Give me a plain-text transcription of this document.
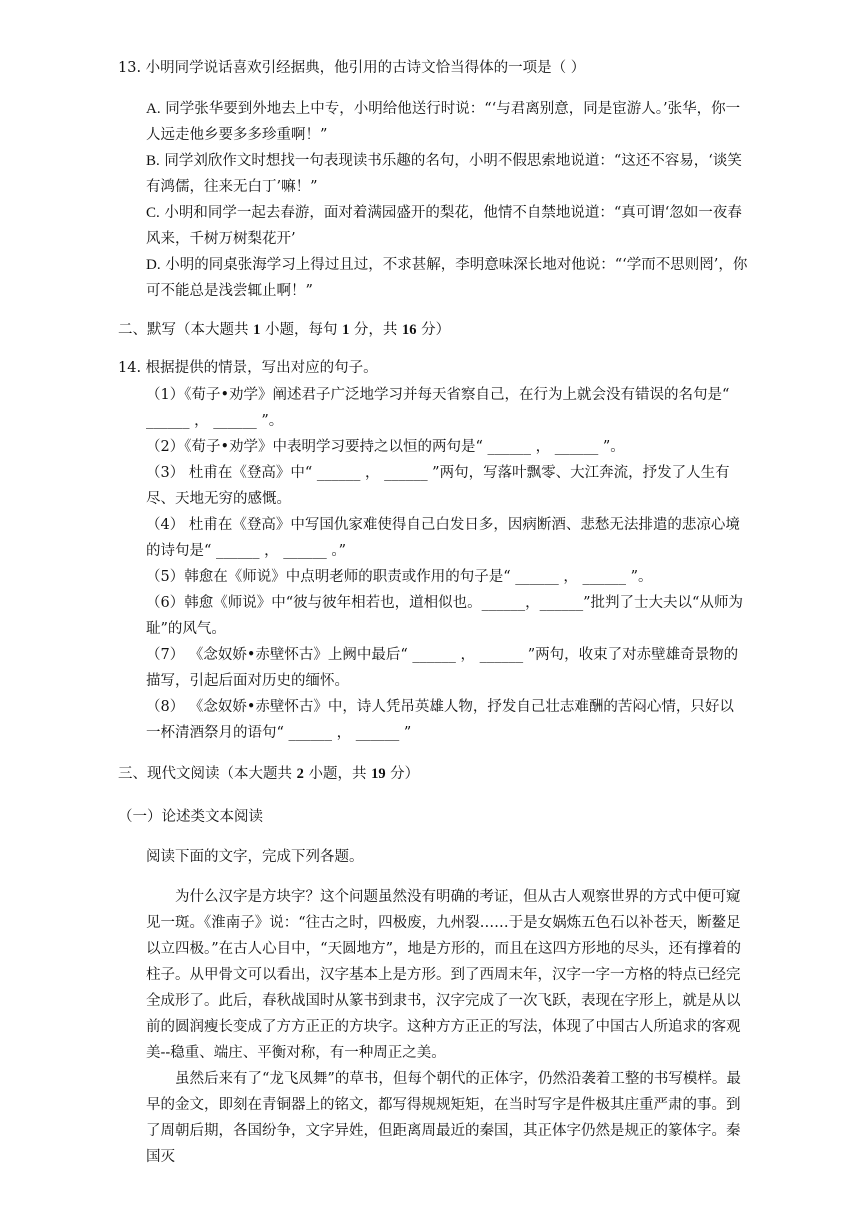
13. 小明同学说话喜欢引经据典，他引用的古诗文恰当得体的一项是（ ）

A. 同学张华要到外地去上中专，小明给他送行时说：“‘与君离别意，同是宦游人。’张华，你一人远走他乡要多多珍重啊！”

B. 同学刘欣作文时想找一句表现读书乐趣的名句，小明不假思索地说道：“这还不容易，‘谈笑有鸿儒，往来无白丁’嘛！”

C. 小明和同学一起去春游，面对着满园盛开的梨花，他情不自禁地说道：“真可谓‘忽如一夜春风来，千树万树梨花开’

D. 小明的同桌张海学习上得过且过，不求甚解，李明意味深长地对他说：“‘学而不思则罔’，你可不能总是浅尝辄止啊！”

二、默写（本大题共 1 小题，每句 1 分，共 16 分）

14. 根据提供的情景，写出对应的句子。

（1）《荀子•劝学》阐述君子广泛地学习并每天省察自己，在行为上就会没有错误的名句是“ ______ ， ______ ”。

（2）《荀子•劝学》中表明学习要持之以恒的两句是“ ______ ， ______ ”。

（3） 杜甫在《登高》中“ ______ ， ______ ”两句，写落叶飘零、大江奔流，抒发了人生有尽、天地无穷的感慨。

（4） 杜甫在《登高》中写国仇家难使得自己白发日多，因病断酒、悲愁无法排遣的悲凉心境的诗句是“ ______ ， ______ 。”

（5）韩愈在《师说》中点明老师的职责或作用的句子是“ ______ ， ______ ”。

（6）韩愈《师说》中“彼与彼年相若也，道相似也。______，______”批判了士大夫以“从师为耻”的风气。

（7） 《念奴娇•赤壁怀古》上阙中最后“ ______ ， ______ ”两句，收束了对赤壁雄奇景物的描写，引起后面对历史的缅怀。

（8） 《念奴娇•赤壁怀古》中，诗人凭吊英雄人物，抒发自己壮志难酬的苦闷心情，只好以一杯清酒祭月的语句“ ______ ， ______ ”

三、现代文阅读（本大题共 2 小题，共 19 分）

（一）论述类文本阅读

阅读下面的文字，完成下列各题。

为什么汉字是方块字？这个问题虽然没有明确的考证，但从古人观察世界的方式中便可窥见一斑。《淮南子》说：“往古之时，四极废，九州裂……于是女娲炼五色石以补苍天，断鳌足以立四极。”在古人心目中，“天圆地方”，地是方形的，而且在这四方形地的尽头，还有撑着的柱子。从甲骨文可以看出，汉字基本上是方形。到了西周末年，汉字一字一方格的特点已经完全成形了。此后，春秋战国时从篆书到隶书，汉字完成了一次飞跃，表现在字形上，就是从以前的圆润瘦长变成了方方正正的方块字。这种方方正正的写法，体现了中国古人所追求的客观美--稳重、端庄、平衡对称，有一种周正之美。

虽然后来有了“龙飞凤舞”的草书，但每个朝代的正体字，仍然沿袭着工整的书写模样。最早的金文，即刻在青铜器上的铭文，都写得规规矩矩，在当时写字是件极其庄重严肃的事。到了周朝后期，各国纷争，文字异姓，但距离周最近的秦国，其正体字仍然是规正的篆体字。秦国灭
